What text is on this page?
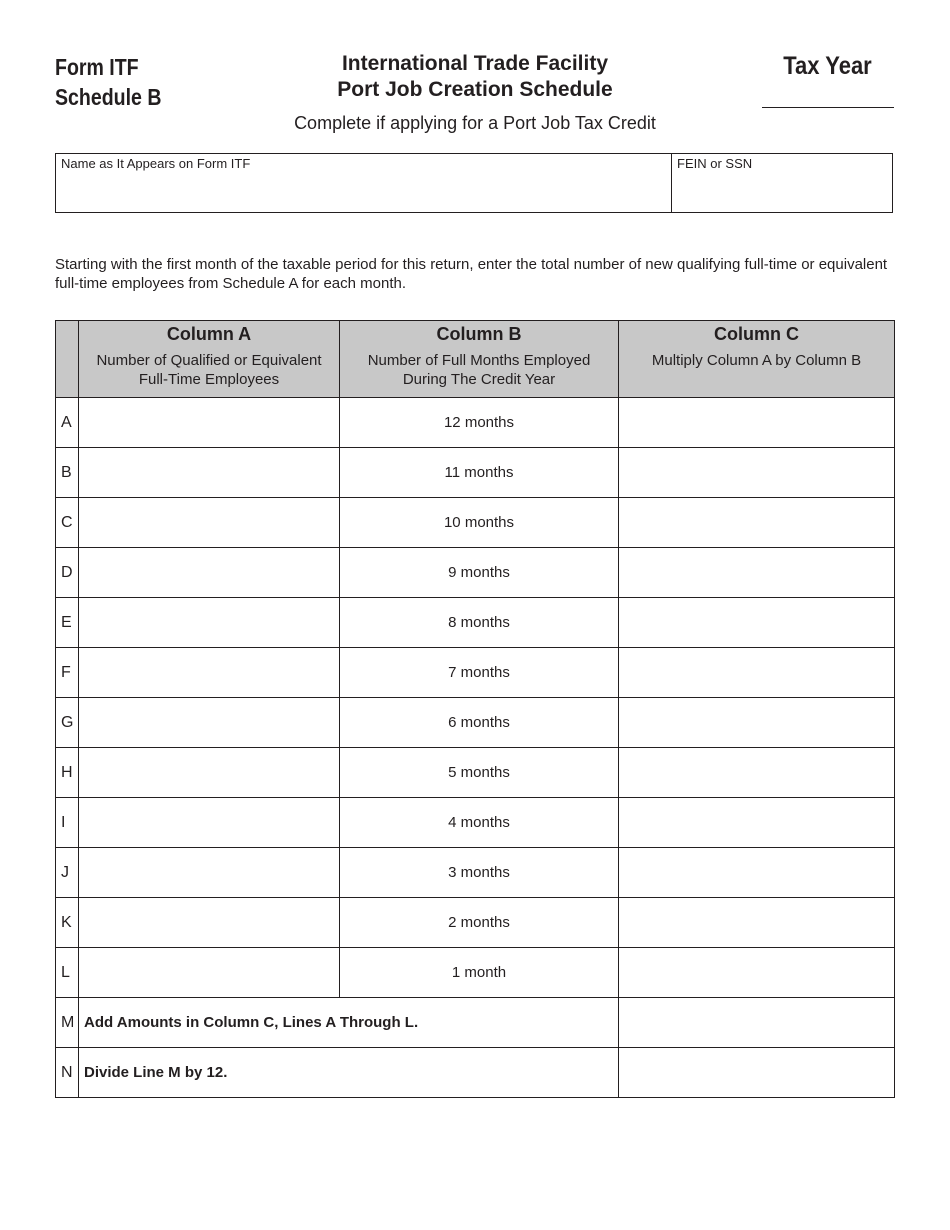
Form ITF
Schedule B
International Trade Facility
Port Job Creation Schedule
Complete if applying for a Port Job Tax Credit
Tax Year
Name as It Appears on Form ITF	FEIN or SSN
Starting with the first month of the taxable period for this return, enter the total number of new qualifying full-time or equivalent full-time employees from Schedule A for each month.

	Column A
Number of Qualified or Equivalent
Full-Time Employees	Column B
Number of Full Months Employed
During The Credit Year	Column C
Multiply Column A by Column B

A		12 months	
B		11 months	
C		10 months	
D		9 months	
E		8 months	
F		7 months	
G		6 months	
H		5 months	
I		4 months	
J		3 months	
K		2 months	
L		1 month	
M	Add Amounts in Column C, Lines A Through L.		
N	Divide Line M by 12.		
